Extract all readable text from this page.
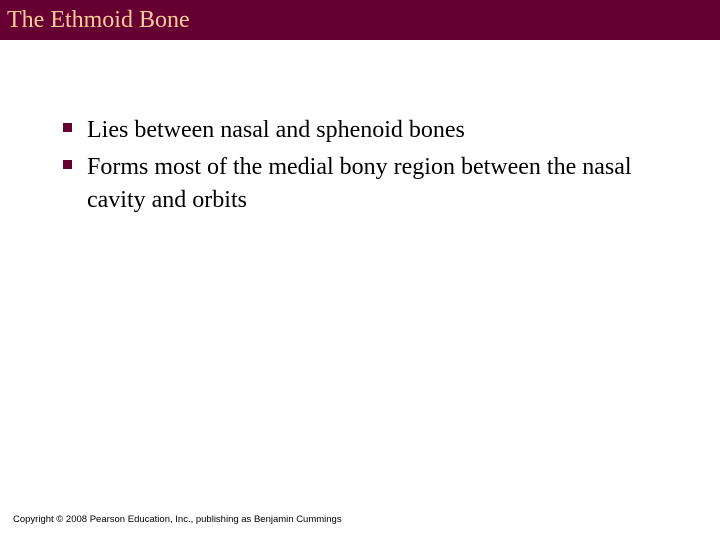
The Ethmoid Bone
Lies between nasal and sphenoid bones
Forms most of the medial bony region between the nasal cavity and orbits
Copyright © 2008 Pearson Education, Inc., publishing as Benjamin Cummings
